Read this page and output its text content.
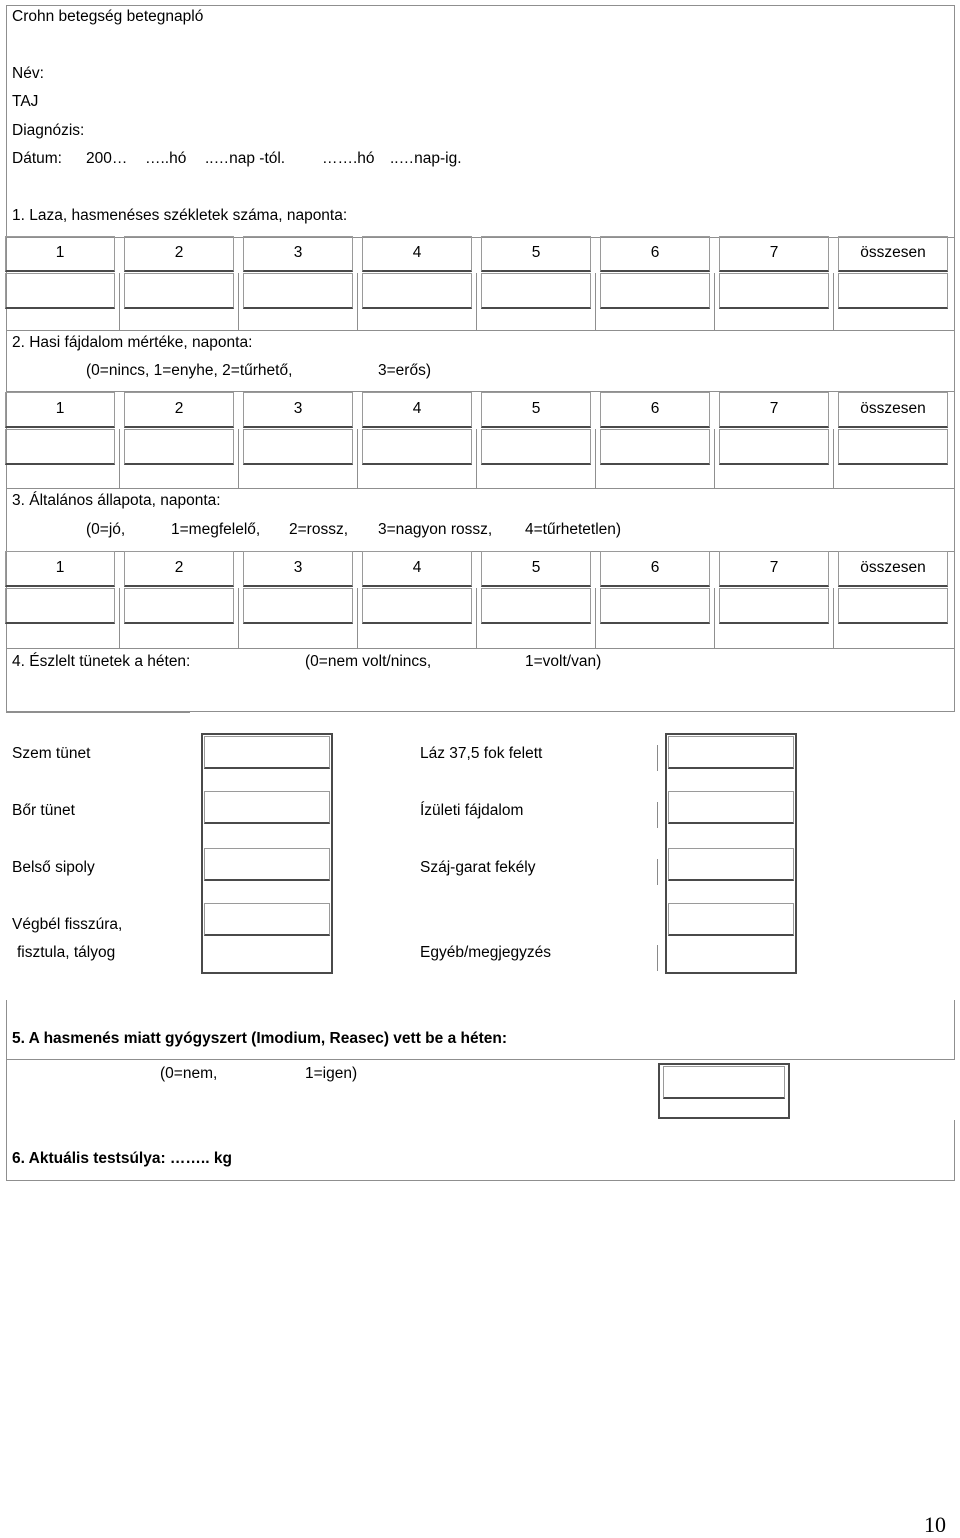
Crohn betegség betegnapló
Név:
TAJ
Diagnózis:
Dátum: 200… …..hó ..…nap -tól. …….hó ..…nap-ig.
1. Laza, hasmenéses székletek száma, naponta:
1	2	3	4	5	6	7	összesen
2. Hasi fájdalom mértéke, naponta:
(0=nincs, 1=enyhe, 2=tűrhető,	3=erős)
1	2	3	4	5	6	7	összesen
3. Általános állapota, naponta:
(0=jó,	1=megfelelő, 2=rossz, 3=nagyon rossz, 4=tűrhetetlen)
1	2	3	4	5	6	7	összesen
4. Észlelt tünetek a héten:	(0=nem volt/nincs,	1=volt/van)
Szem tünet
Bőr tünet
Belső sipoly
Végbél fisszúra,
fisztula, tályog
Láz 37,5 fok felett
Ízületi fájdalom
Száj-garat fekély
Egyéb/megjegyzés
5. A hasmenés miatt gyógyszert (Imodium, Reasec) vett be a héten:
(0=nem,	1=igen)
6. Aktuális testsúlya: …….. kg
10
